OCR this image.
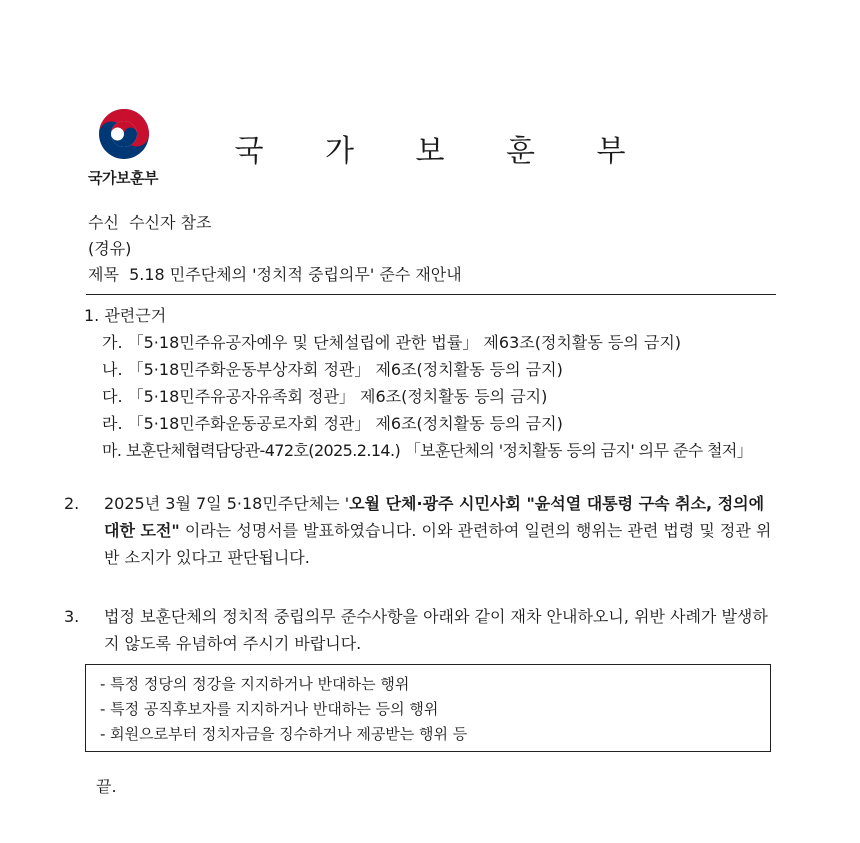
국가보훈부
국 가 보 훈 부
수신  수신자 참조
(경유)
제목  5.18 민주단체의 '정치적 중립의무' 준수 재안내
1. 관련근거
가. 「5·18민주유공자예우 및 단체설립에 관한 법률」 제63조(정치활동 등의 금지)
나. 「5·18민주화운동부상자회 정관」 제6조(정치활동 등의 금지)
다. 「5·18민주유공자유족회 정관」 제6조(정치활동 등의 금지)
라. 「5·18민주화운동공로자회 정관」 제6조(정치활동 등의 금지)
마. 보훈단체협력담당관-472호(2025.2.14.) 「보훈단체의 '정치활동 등의 금지' 의무 준수 철저」
2. 2025년 3월 7일 5·18민주단체는 '오월 단체·광주 시민사회 "윤석열 대통령 구속 취소, 정의에 대한 도전" 이라는 성명서를 발표하였습니다. 이와 관련하여 일련의 행위는 관련 법령 및 정관 위반 소지가 있다고 판단됩니다.
3. 법정 보훈단체의 정치적 중립의무 준수사항을 아래와 같이 재차 안내하오니, 위반 사례가 발생하지 않도록 유념하여 주시기 바랍니다.
- 특정 정당의 정강을 지지하거나 반대하는 행위
- 특정 공직후보자를 지지하거나 반대하는 등의 행위
- 회원으로부터 정치자금을 징수하거나 제공받는 행위 등
끝.
